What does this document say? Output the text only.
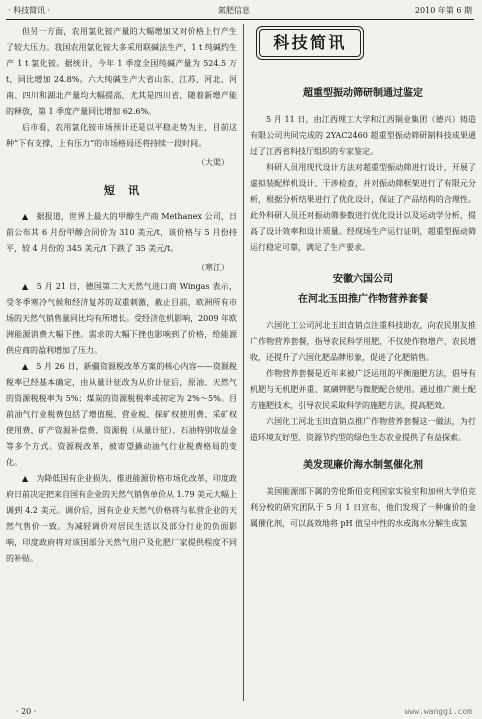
· 科技简讯 ·	氮肥信息	2010 年第 6 期

但另一方面，农用氯化铵产量的大幅增加又对价格上行产生了较大压力。我国农用氯化铵大多采用联碱法生产，1 t 纯碱约生产 1 t 氯化铵。据统计，今年 1 季度全国纯碱产量为 524.5 万 t，同比增加 24.8%。六大纯碱生产大省山东、江苏、河北、河南、四川和湖北产量均大幅提高，尤其是四川省，随着新增产能的释放，第 1 季度产量同比增加 62.6%。

后市看，农用氯化铵市场预计还是以平稳走势为主，目前这种“下有支撑，上有压力”的市场格局还将持续一段时间。

（大渠）

短讯

▲　据报道，世界上最大的甲醇生产商 Methanex 公司，日前公布其 6 月份甲醇合同价为 310 美元/t，该价格与 5 月份持平，较 4 月份的 345 美元/t 下跌了 35 美元/t。

（寒江）

▲　5 月 21 日，德国第二大天然气进口商 Wingas 表示，受冬季寒冷气候和经济复苏的双重刺激，截止目前，欧洲所有市场的天然气销售量同比均有所增长。受经济危机影响，2009 年欧洲能源消费大幅下挫。需求的大幅下挫也影响到了价格，给能源供应商的盈利增加了压力。

▲　5 月 26 日，新疆资源税改革方案的核心内容——资源税税率已经基本确定，由从量计征改为从价计征后，原油、天然气的资源税税率为 5%；煤炭的资源税税率或初定为 2%～5%。目前油气行业税费包括了增值税、营业税、探矿权使用费、采矿权使用费、矿产资源补偿费、资源税（从量计征）、石油特别收益金等多个方式。资源税改革，被寄望撬动油气行业税费格局的变化。

▲　为降低国有企业损失、推进能源价格市场化改革，印度政府日前决定把来自国有企业的天然气销售单价从 1.79 美元大幅上调到 4.2 美元。调价后，国有企业天然气价格将与私营企业的天然气售价一致。为减轻调价对居民生活以及部分行业的负面影响，印度政府将对该国部分天然气用户及化肥厂家提供程度不同的补贴。

科技简讯

超重型振动筛研制通过鉴定

5 月 11 日，由江西理工大学和江西铜业集团（德兴）铸造有限公司共同完成的 2YAC2460 超重型振动筛研制科技成果通过了江西省科技厅组织的专家鉴定。

科研人员用现代设计方法对超重型振动筛进行设计，开展了虚拟装配样机设计、干涉检查，并对振动筛框架进行了有限元分析，根据分析结果进行了优化设计，保证了产品结构的合理性。此外科研人员还对振动筛参数进行优化设计以及运动学分析，提高了设计效率和设计质量。经现场生产运行证明，超重型振动筛运行稳定可靠，满足了生产要求。

安徽六国公司
在河北玉田推广作物营养套餐

六国化工公司河北玉田直销点注重科技助农，向农民朋友推广作物营养套餐，指导农民科学用肥，不仅使作物增产、农民增收，还提升了六国化肥品牌形象，促进了化肥销售。

作物营养套餐是近年来被广泛运用的平衡施肥方法，倡导有机肥与无机肥并重、氮磷钾肥与微肥配合使用。通过推广测土配方施肥技术，引导农民采取科学的施肥方法，提高肥效。

六国化工河北玉田直销点推广作物营养套餐这一做法，为打造环境友好型、资源节约型的绿色生态农业提供了有益探索。

美发现廉价海水制氢催化剂

美国能源部下属的劳伦斯伯克利国家实验室和加州大学伯克利分校的研究团队于 5 月 1 日宣布，他们发现了一种廉价的金属催化剂，可以高效地将 pH 值呈中性的水或海水分解生成氢

· 20 ·	www.wanggi.com
